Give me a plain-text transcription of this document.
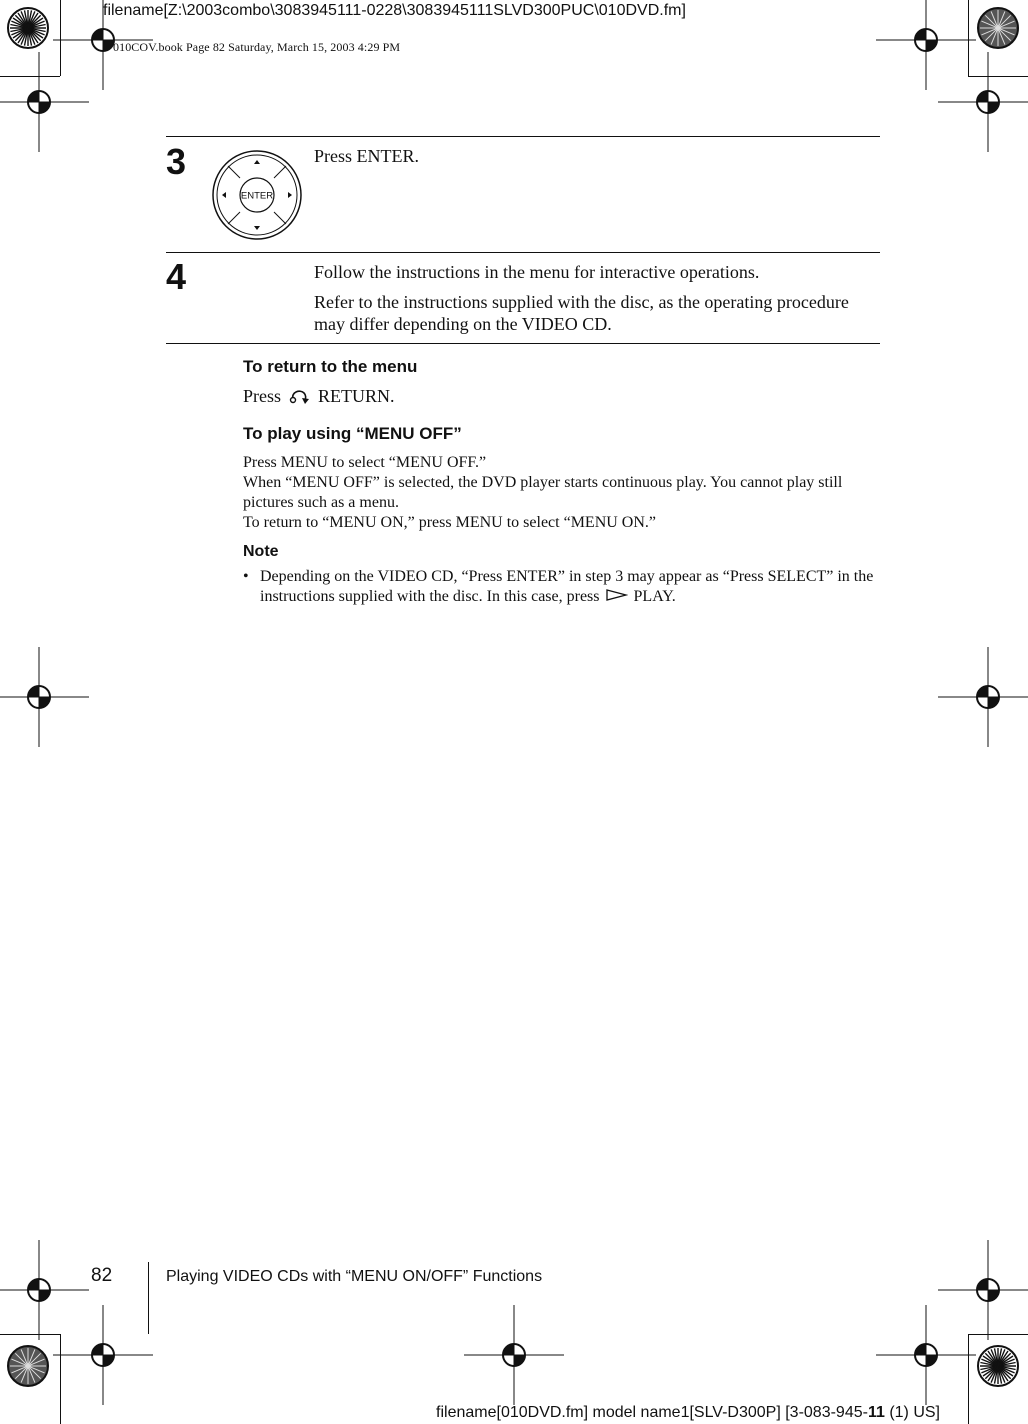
filename[Z:\2003combo\3083945111-0228\3083945111SLVD300PUC\010DVD.fm]
010COV.book Page 82 Saturday, March 15, 2003 4:29 PM
3
ENTER

Press ENTER.

4	Follow the instructions in the menu for interactive operations.

Refer to the instructions supplied with the disc, as the operating procedure may differ depending on the VIDEO CD.

To return to the menu
Press RETURN.
To play using “MENU OFF”
Press MENU to select “MENU OFF.”
When “MENU OFF” is selected, the DVD player starts continuous play. You cannot play still pictures such as a menu.
To return to “MENU ON,” press MENU to select “MENU ON.”
Note
• Depending on the VIDEO CD, “Press ENTER” in step 3 may appear as “Press SELECT” in the instructions supplied with the disc. In this case, press PLAY.
82	Playing VIDEO CDs with “MENU ON/OFF” Functions
filename[010DVD.fm] model name1[SLV-D300P] [3-083-945-11 (1) US]
